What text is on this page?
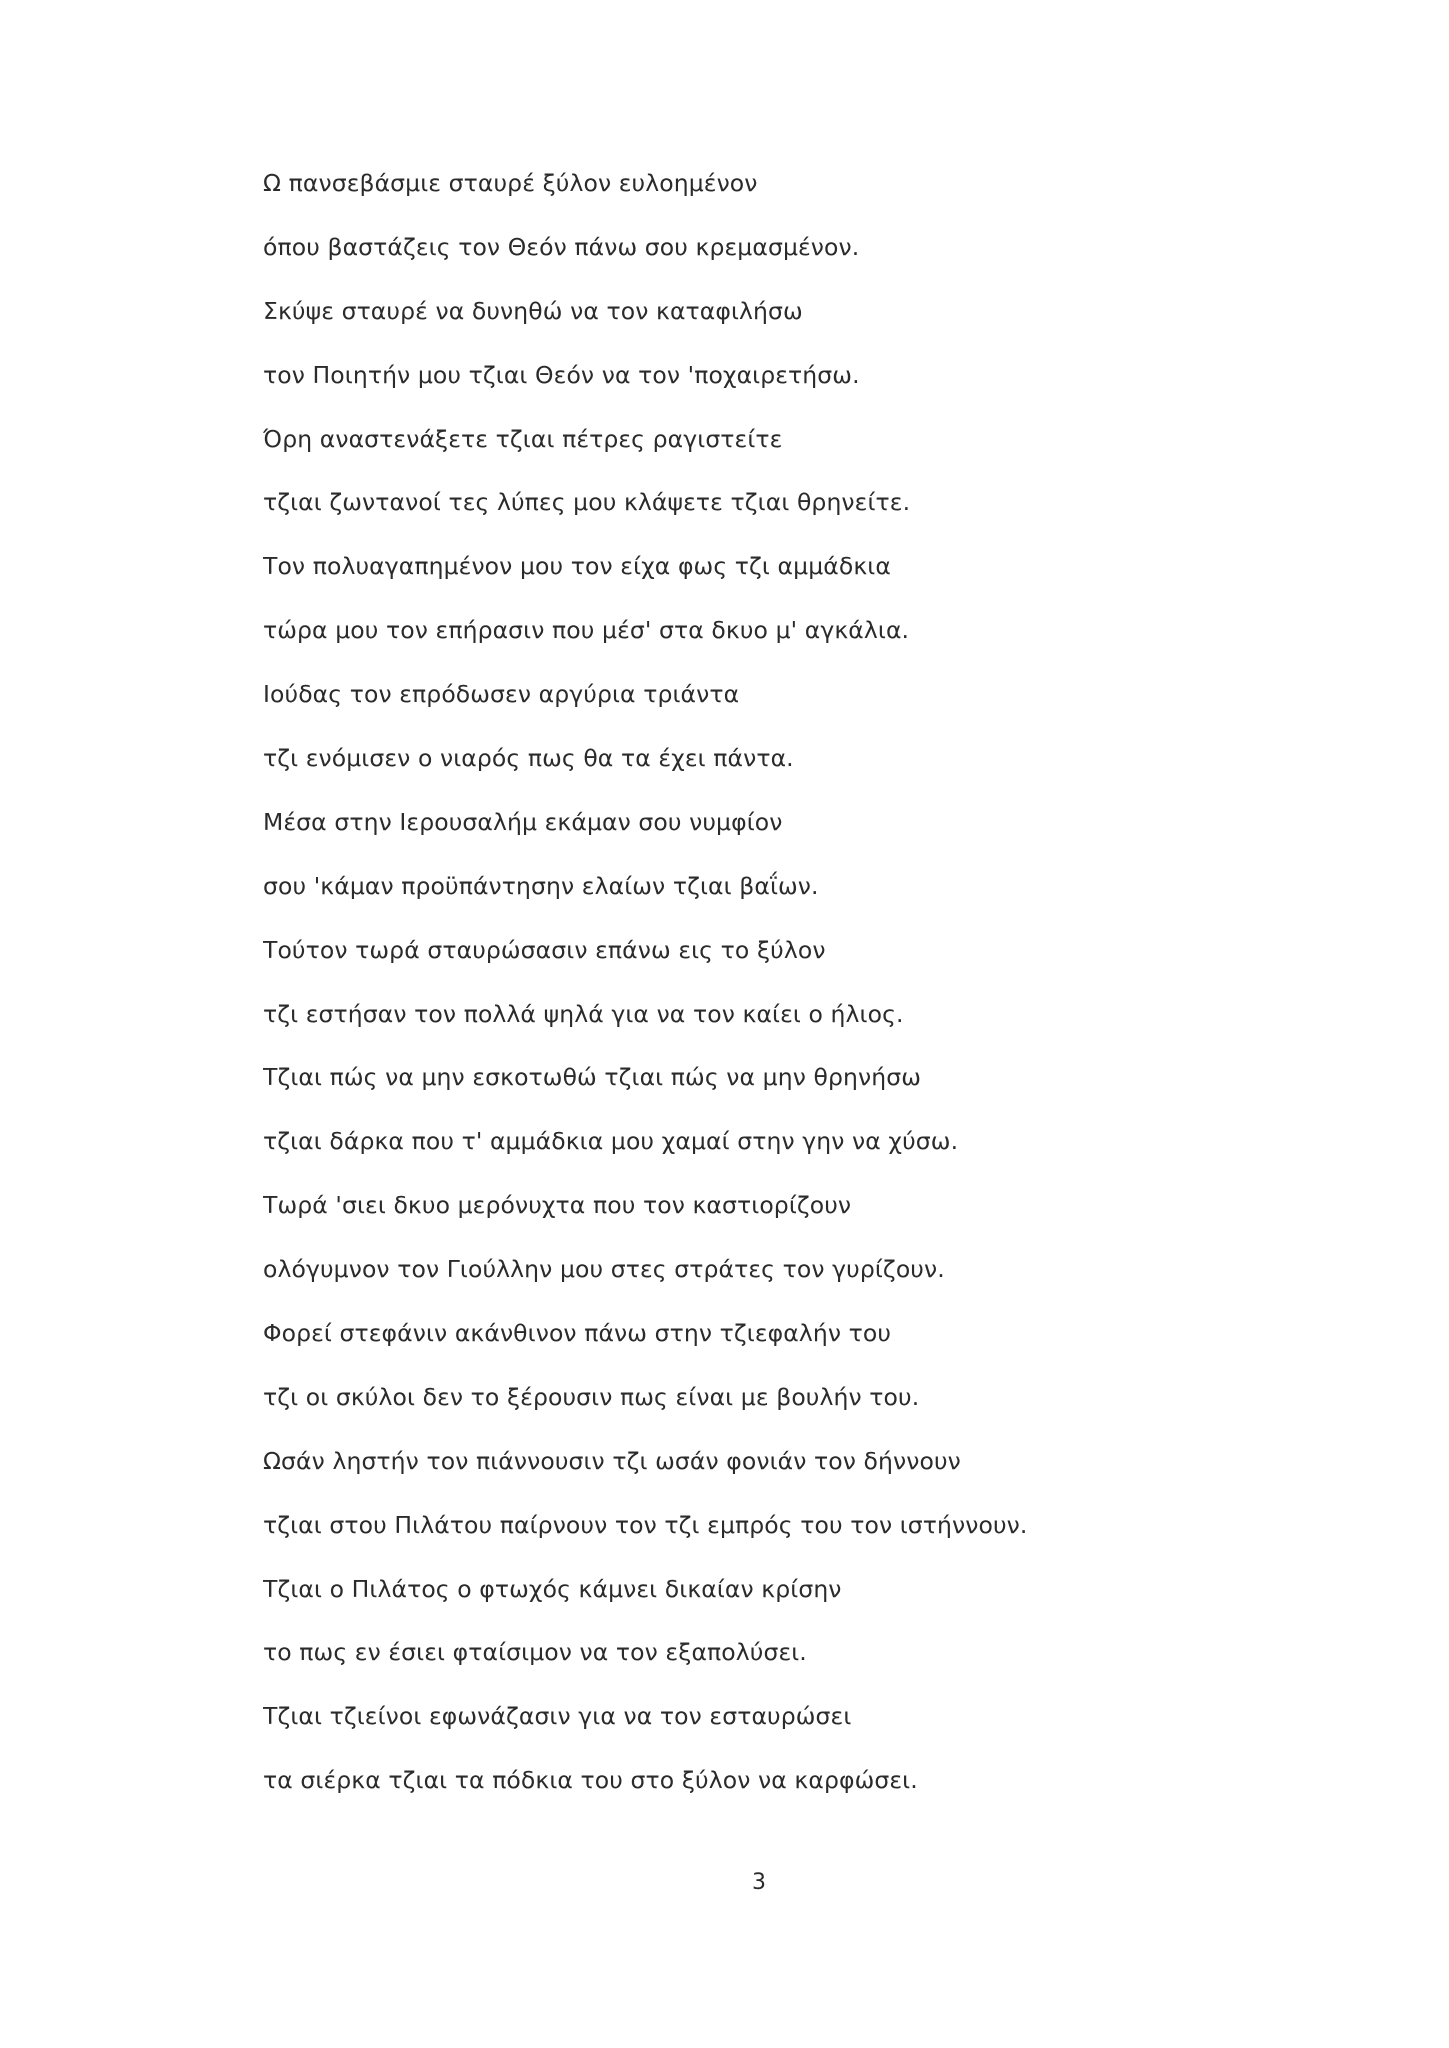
Ω πανσεβάσμιε σταυρέ ξύλον ευλοημένον
όπου βαστάζεις τον Θεόν πάνω σου κρεμασμένον.
Σκύψε σταυρέ να δυνηθώ να τον καταφιλήσω
τον Ποιητήν μου τζιαι Θεόν να τον 'ποχαιρετήσω.
Όρη αναστενάξετε τζιαι πέτρες ραγιστείτε
τζιαι ζωντανοί τες λύπες μου κλάψετε τζιαι θρηνείτε.
Τον πολυαγαπημένον μου τον είχα φως τζι αμμάδκια
τώρα μου τον επήρασιν που μέσ' στα δκυο μ' αγκάλια.
Ιούδας τον επρόδωσεν αργύρια τριάντα
τζι ενόμισεν ο νιαρός πως θα τα έχει πάντα.
Μέσα στην Ιερουσαλήμ εκάμαν σου νυμφίον
σου 'κάμαν προϋπάντησην ελαίων τζιαι βαΐων.
Τούτον τωρά σταυρώσασιν επάνω εις το ξύλον
τζι εστήσαν τον πολλά ψηλά για να τον καίει ο ήλιος.
Τζιαι πώς να μην εσκοτωθώ τζιαι πώς να μην θρηνήσω
τζιαι δάρκα που τ' αμμάδκια μου χαμαί στην γην να χύσω.
Τωρά 'σιει δκυο μερόνυχτα που τον καστιορίζουν
ολόγυμνον τον Γιούλλην μου στες στράτες τον γυρίζουν.
Φορεί στεφάνιν ακάνθινον πάνω στην τζιεφαλήν του
τζι οι σκύλοι δεν το ξέρουσιν πως είναι με βουλήν του.
Ωσάν ληστήν τον πιάννουσιν τζι ωσάν φονιάν τον δήννουν
τζιαι στου Πιλάτου παίρνουν τον τζι εμπρός του τον ιστήννουν.
Τζιαι ο Πιλάτος ο φτωχός κάμνει δικαίαν κρίσην
το πως εν έσιει φταίσιμον να τον εξαπολύσει.
Τζιαι τζιείνοι εφωνάζασιν για να τον εσταυρώσει
τα σιέρκα τζιαι τα πόδκια του στο ξύλον να καρφώσει.
3
